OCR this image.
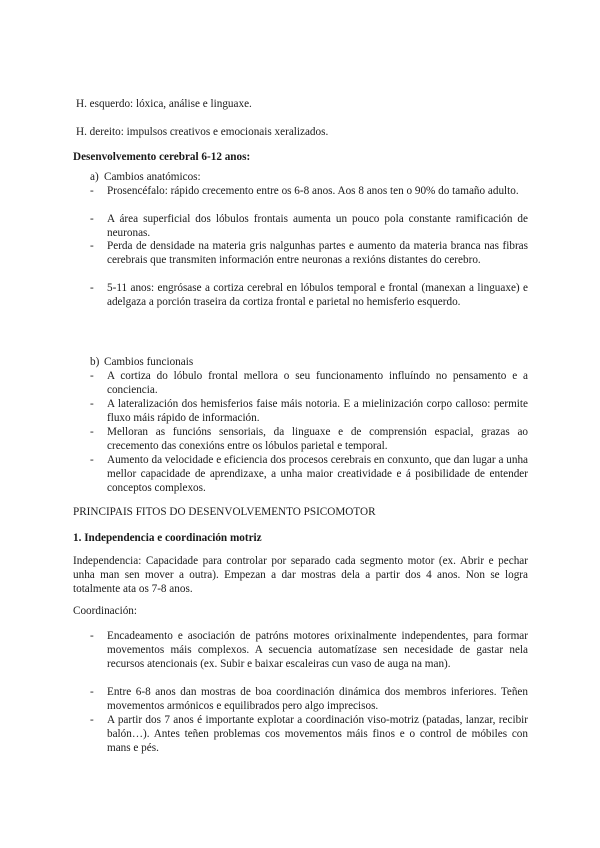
H. esquerdo: lóxica, análise e linguaxe.
H. dereito: impulsos creativos e emocionais xeralizados.
Desenvolvemento cerebral 6-12 anos:
a) Cambios anatómicos:
- Prosencéfalo: rápido crecemento entre os 6-8 anos. Aos 8 anos ten o 90% do tamaño adulto.
- A área superficial dos lóbulos frontais aumenta un pouco pola constante ramificación de neuronas.
- Perda de densidade na materia gris nalgunhas partes e aumento da materia branca nas fibras cerebrais que transmiten información entre neuronas a rexións distantes do cerebro.
- 5-11 anos: engrósase a cortiza cerebral en lóbulos temporal e frontal (manexan a linguaxe) e adelgaza a porción traseira da cortiza frontal e parietal no hemisferio esquerdo.
b) Cambios funcionais
- A cortiza do lóbulo frontal mellora o seu funcionamento influíndo no pensamento e a conciencia.
- A lateralización dos hemisferios faise máis notoria. E a mielinización corpo calloso: permite fluxo máis rápido de información.
- Melloran as funcións sensoriais, da linguaxe e de comprensión espacial, grazas ao crecemento das conexións entre os lóbulos parietal e temporal.
- Aumento da velocidade e eficiencia dos procesos cerebrais en conxunto, que dan lugar a unha mellor capacidade de aprendizaxe, a unha maior creatividade e á posibilidade de entender conceptos complexos.
PRINCIPAIS FITOS DO DESENVOLVEMENTO PSICOMOTOR
1. Independencia e coordinación motriz
Independencia: Capacidade para controlar por separado cada segmento motor (ex. Abrir e pechar unha man sen mover a outra). Empezan a dar mostras dela a partir dos 4 anos. Non se logra totalmente ata os 7-8 anos.
Coordinación:
- Encadeamento e asociación de patróns motores orixinalmente independentes, para formar movementos máis complexos. A secuencia automatízase sen necesidade de gastar nela recursos atencionais (ex. Subir e baixar escaleiras cun vaso de auga na man).
- Entre 6-8 anos dan mostras de boa coordinación dinámica dos membros inferiores. Teñen movementos armónicos e equilibrados pero algo imprecisos.
- A partir dos 7 anos é importante explotar a coordinación viso-motriz (patadas, lanzar, recibir balón…). Antes teñen problemas cos movementos máis finos e o control de móbiles con mans e pés.
